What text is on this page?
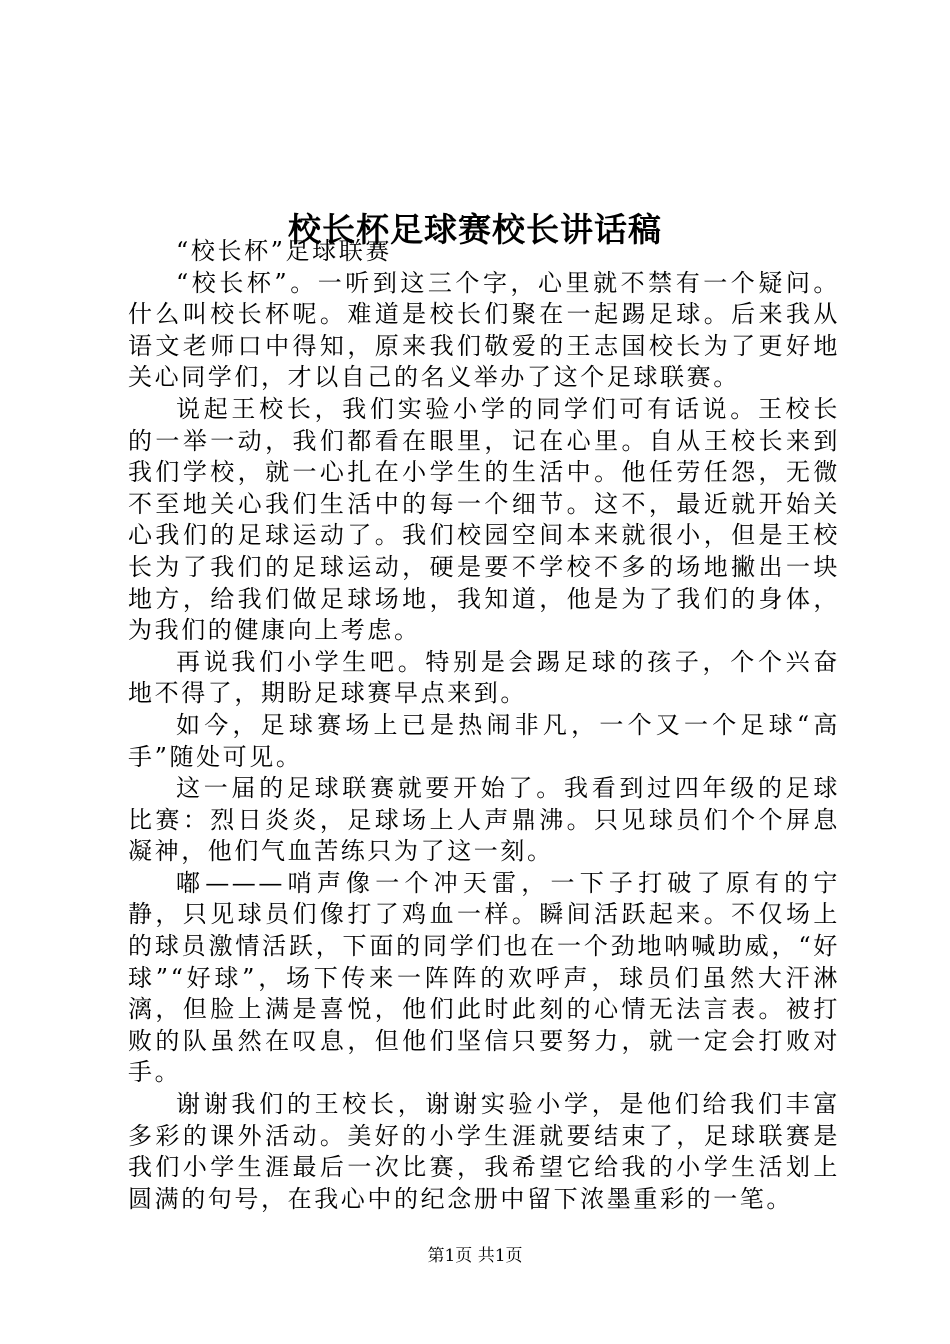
校长杯足球赛校长讲话稿

“校长杯”足球联赛

“校长杯”。一听到这三个字，心里就不禁有一个疑问。什么叫校长杯呢。难道是校长们聚在一起踢足球。后来我从语文老师口中得知，原来我们敬爱的王志国校长为了更好地关心同学们，才以自己的名义举办了这个足球联赛。

说起王校长，我们实验小学的同学们可有话说。王校长的一举一动，我们都看在眼里，记在心里。自从王校长来到我们学校，就一心扎在小学生的生活中。他任劳任怨，无微不至地关心我们生活中的每一个细节。这不，最近就开始关心我们的足球运动了。我们校园空间本来就很小，但是王校长为了我们的足球运动，硬是要不学校不多的场地撇出一块地方，给我们做足球场地，我知道，他是为了我们的身体，为我们的健康向上考虑。

再说我们小学生吧。特别是会踢足球的孩子，个个兴奋地不得了，期盼足球赛早点来到。

如今，足球赛场上已是热闹非凡，一个又一个足球“高手”随处可见。

这一届的足球联赛就要开始了。我看到过四年级的足球比赛：烈日炎炎，足球场上人声鼎沸。只见球员们个个屏息凝神，他们气血苦练只为了这一刻。

嘟———哨声像一个冲天雷，一下子打破了原有的宁静，只见球员们像打了鸡血一样。瞬间活跃起来。不仅场上的球员激情活跃，下面的同学们也在一个劲地呐喊助威，“好球”“好球”，场下传来一阵阵的欢呼声，球员们虽然大汗淋漓，但脸上满是喜悦，他们此时此刻的心情无法言表。被打败的队虽然在叹息，但他们坚信只要努力，就一定会打败对手。

谢谢我们的王校长，谢谢实验小学，是他们给我们丰富多彩的课外活动。美好的小学生涯就要结束了，足球联赛是我们小学生涯最后一次比赛，我希望它给我的小学生活划上圆满的句号，在我心中的纪念册中留下浓墨重彩的一笔。

第1页 共1页
